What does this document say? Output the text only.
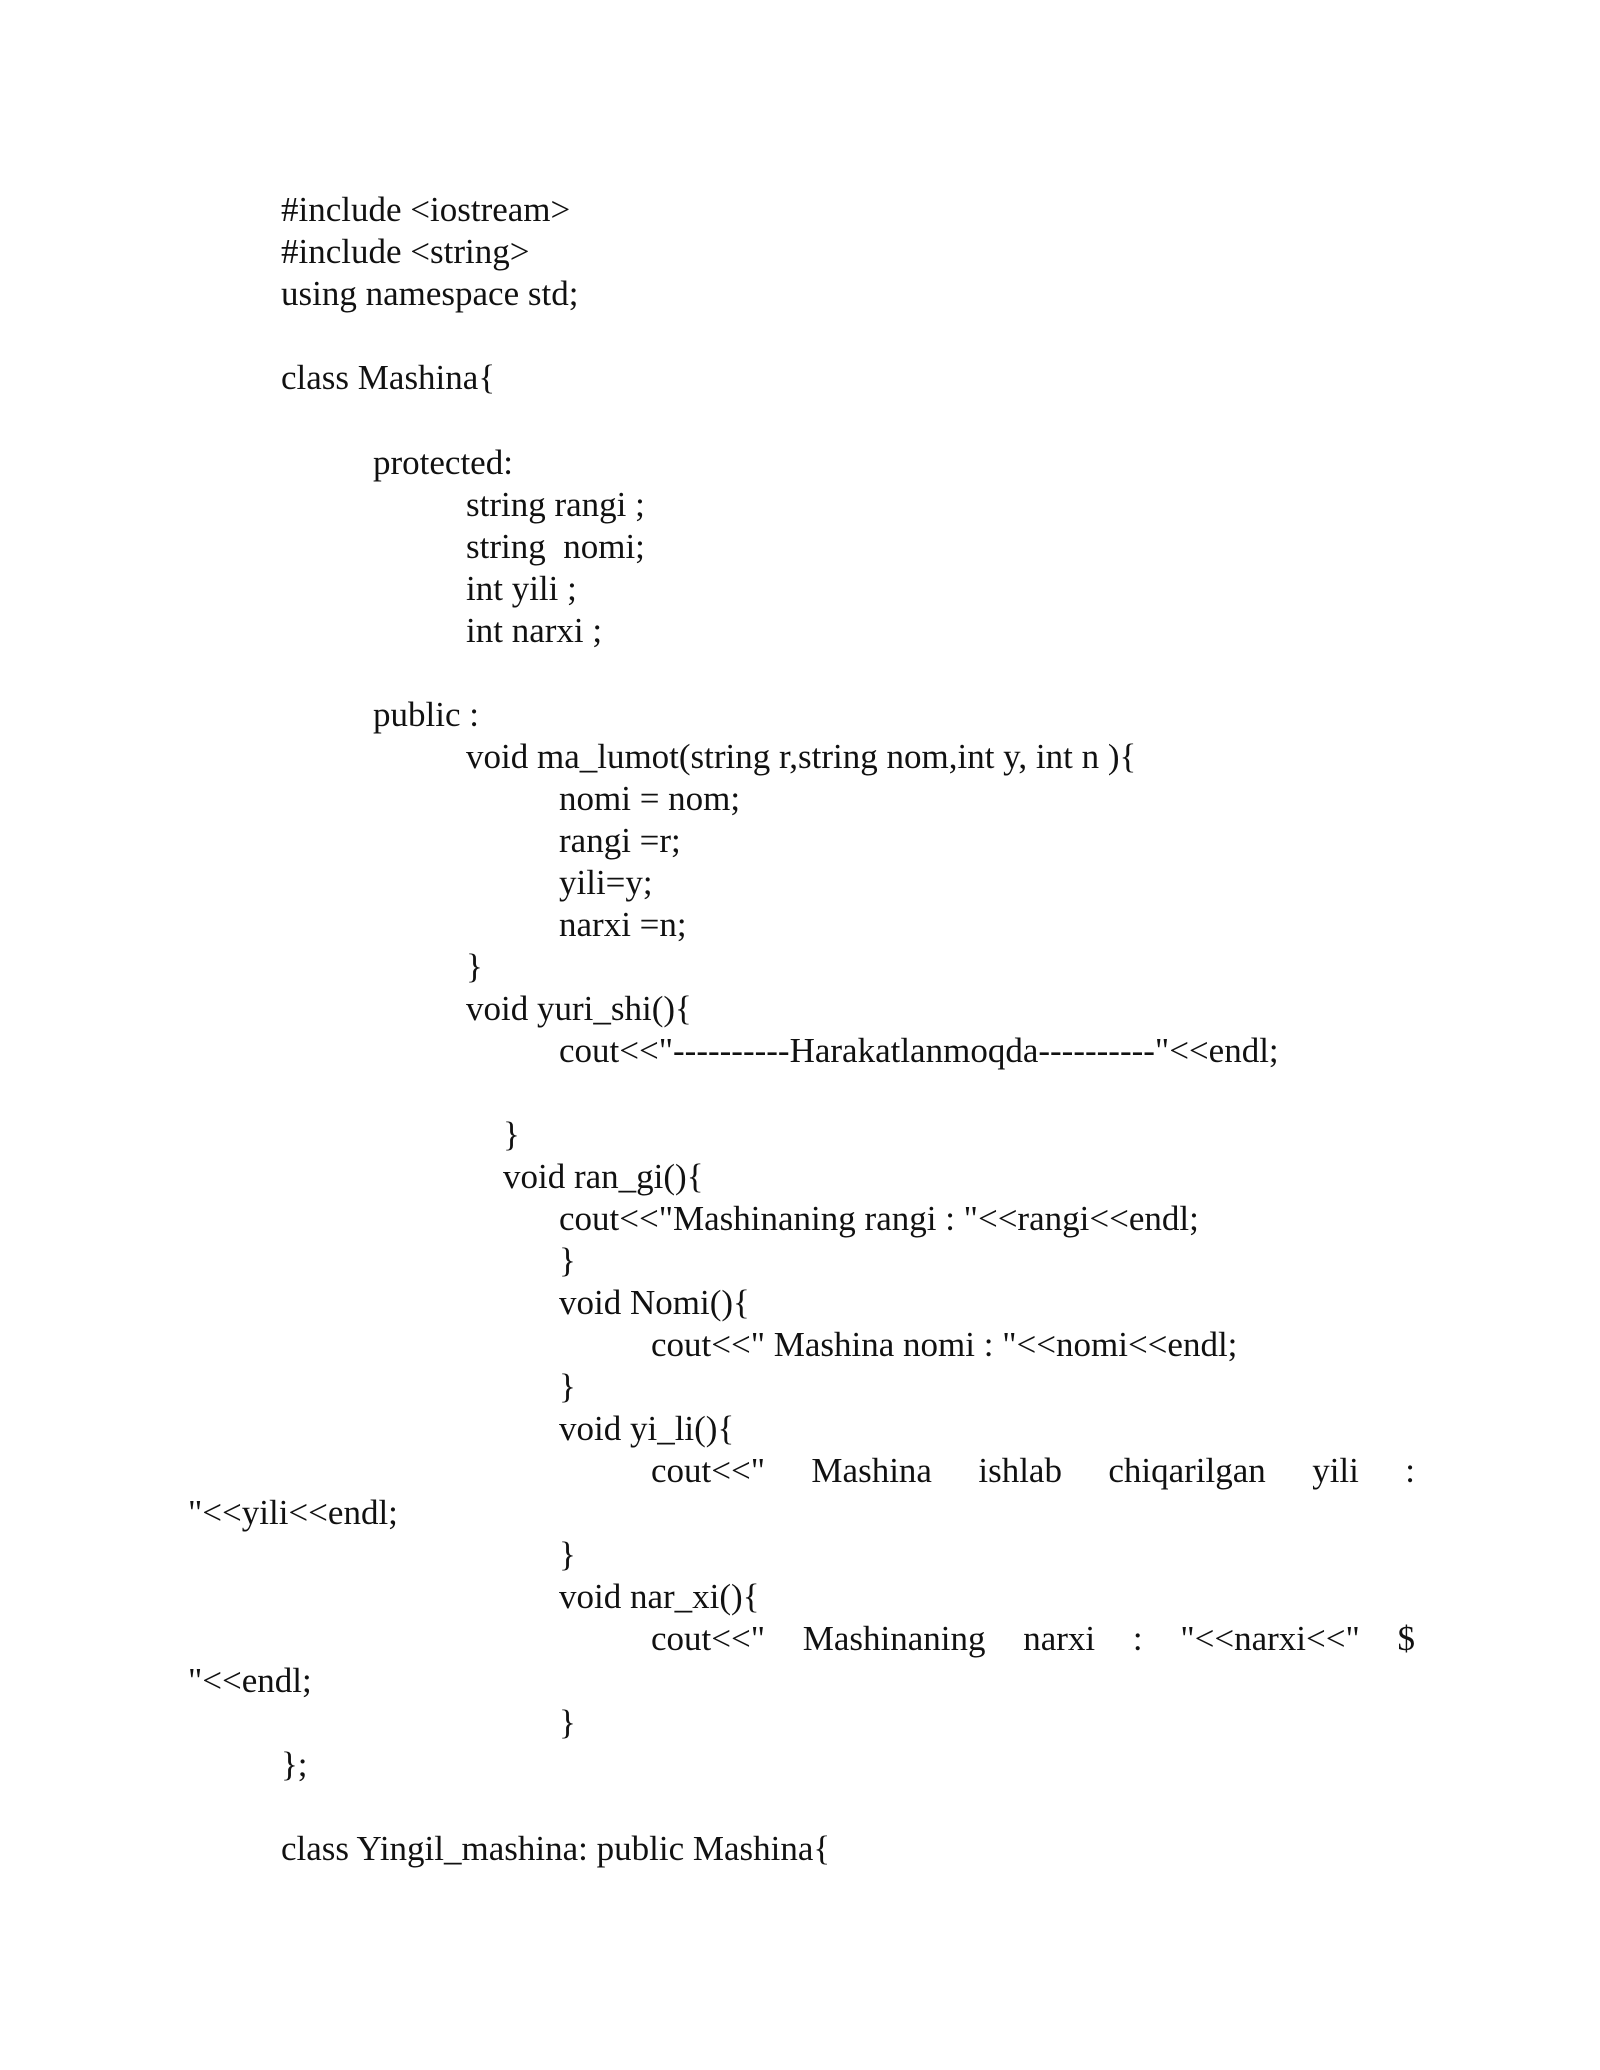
#include <iostream>

#include <string>

using namespace std;

class Mashina{

protected:

string rangi ;

string  nomi;

int yili ;

int narxi ;

public :

void ma_lumot(string r,string nom,int y, int n ){

nomi = nom;

rangi =r;

yili=y;

narxi =n;

}

void yuri_shi(){

cout<<"----------Harakatlanmoqda----------"<<endl;

}

void ran_gi(){

cout<<"Mashinaning rangi : "<<rangi<<endl;

}

void Nomi(){

cout<<" Mashina nomi : "<<nomi<<endl;

}

void yi_li(){

cout<<" Mashina ishlab chiqarilgan yili :

"<<yili<<endl;

}

void nar_xi(){

cout<<" Mashinaning narxi : "<<narxi<<" $

"<<endl;

}

};

class Yingil_mashina: public Mashina{
